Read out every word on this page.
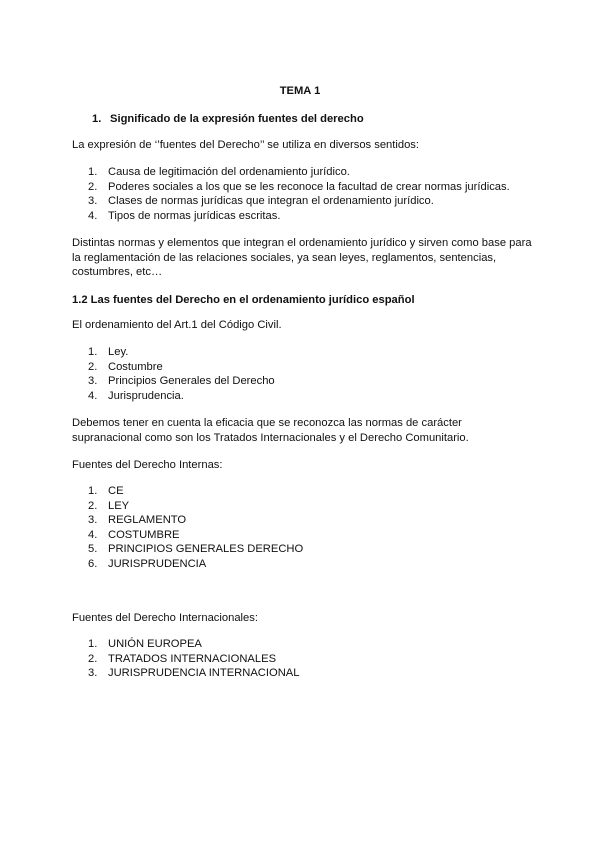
TEMA 1
1. Significado de la expresión fuentes del derecho
La expresión de ‘’fuentes del Derecho’’ se utiliza en diversos sentidos:
1. Causa de legitimación del ordenamiento jurídico.
2. Poderes sociales a los que se les reconoce la facultad de crear normas jurídicas.
3. Clases de normas jurídicas que integran el ordenamiento jurídico.
4. Tipos de normas jurídicas escritas.
Distintas normas y elementos que integran el ordenamiento jurídico y sirven como base para la reglamentación de las relaciones sociales, ya sean leyes, reglamentos, sentencias, costumbres, etc…
1.2 Las fuentes del Derecho en el ordenamiento jurídico español
El ordenamiento del Art.1 del Código Civil.
1. Ley.
2. Costumbre
3. Principios Generales del Derecho
4. Jurisprudencia.
Debemos tener en cuenta la eficacia que se reconozca las normas de carácter supranacional como son los Tratados Internacionales y el Derecho Comunitario.
Fuentes del Derecho Internas:
1. CE
2. LEY
3. REGLAMENTO
4. COSTUMBRE
5. PRINCIPIOS GENERALES DERECHO
6. JURISPRUDENCIA
Fuentes del Derecho Internacionales:
1. UNIÓN EUROPEA
2. TRATADOS INTERNACIONALES
3. JURISPRUDENCIA INTERNACIONAL
